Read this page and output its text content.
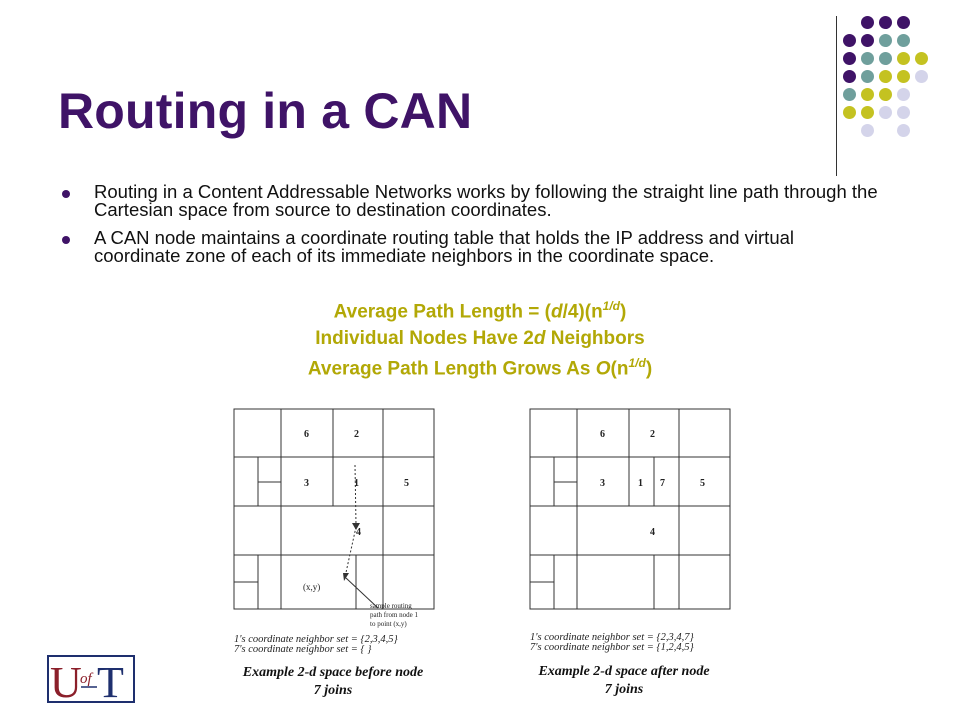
Routing in a CAN
Routing in a Content Addressable Networks works by following the straight line path through the Cartesian space from source to destination coordinates.
A CAN node maintains a coordinate routing table that holds the IP address and virtual coordinate zone of each of its immediate neighbors in the coordinate space.
Average Path Length = $(d/4)(n^{1/d})$
Individual Nodes Have 2d Neighbors
Average Path Length Grows As $O(n^{1/d})$
6	2
3	1	5
4
(x,y)
sample routing
path from node 1
to point (x,y)
1's coordinate neighbor set = {2,3,4,5}
7's coordinate neighbor set = { }
Example 2-d space before node
7 joins
6	2
3	1 7	5
4
1's coordinate neighbor set = {2,3,4,7}
7's coordinate neighbor set = {1,2,4,5}
Example 2-d space after node
7 joins
U
of T
